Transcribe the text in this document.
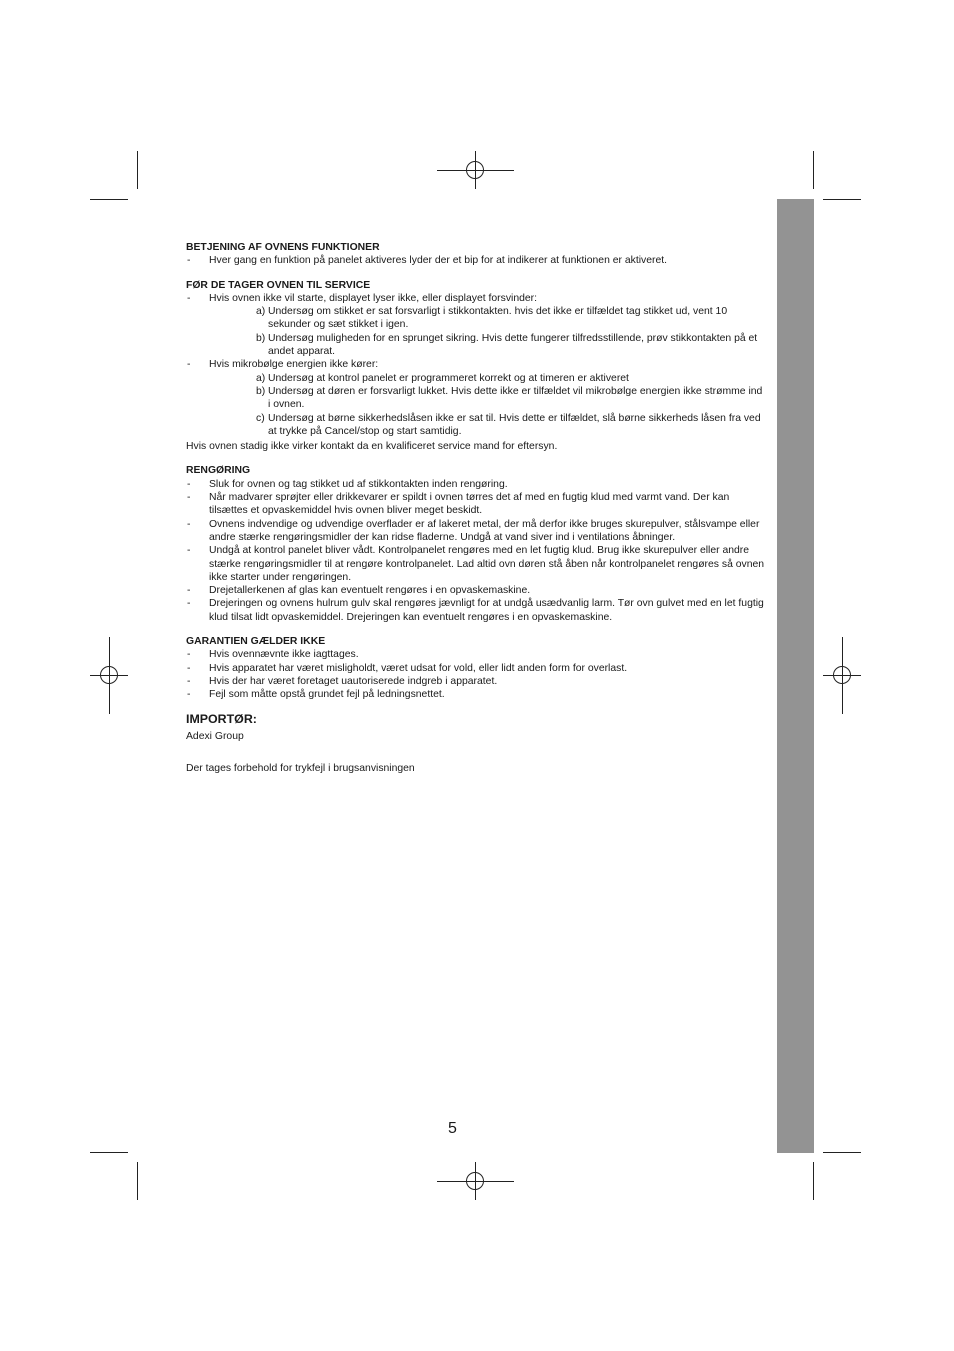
BETJENING AF OVNENS FUNKTIONER

- Hver gang en funktion på panelet aktiveres lyder der et bip for at indikerer at funktionen er aktiveret.

FØR DE TAGER OVNEN TIL SERVICE

- Hvis ovnen ikke vil starte, displayet lyser ikke, eller displayet forsvinder:
a) Undersøg om stikket er sat forsvarligt i stikkontakten. hvis det ikke er tilfældet tag stikket ud, vent 10 sekunder og sæt stikket i igen.
b) Undersøg muligheden for en sprunget sikring. Hvis dette fungerer tilfredsstillende, prøv stikkontakten på et andet apparat.
- Hvis mikrobølge energien ikke kører:
a) Undersøg at kontrol panelet er programmeret korrekt og at timeren er aktiveret
b) Undersøg at døren er forsvarligt lukket. Hvis dette ikke er tilfældet vil mikrobølge energien ikke strømme ind i ovnen.
c) Undersøg at børne sikkerhedslåsen ikke er sat til. Hvis dette er tilfældet, slå børne sikkerheds låsen fra ved at trykke på Cancel/stop og start samtidig.

Hvis ovnen stadig ikke virker kontakt da en kvalificeret service mand for eftersyn.

RENGØRING

- Sluk for ovnen og tag stikket ud af stikkontakten inden rengøring.
- Når madvarer sprøjter eller drikkevarer er spildt i ovnen tørres det af med en fugtig klud med varmt vand. Der kan tilsættes et opvaskemiddel hvis ovnen bliver meget beskidt.
- Ovnens indvendige og udvendige overflader er af lakeret metal, der må derfor ikke bruges skurepulver, stålsvampe eller andre stærke rengøringsmidler der kan ridse fladerne. Undgå at vand siver ind i ventilations åbninger.
- Undgå at kontrol panelet bliver vådt. Kontrolpanelet rengøres med en let fugtig klud. Brug ikke skurepulver eller andre stærke rengøringsmidler til at rengøre kontrolpanelet. Lad altid ovn døren stå åben når kontrolpanelet rengøres så ovnen ikke starter under rengøringen.
- Drejetallerkenen af glas kan eventuelt rengøres i en opvaskemaskine.
- Drejeringen og ovnens hulrum gulv skal rengøres jævnligt for at undgå usædvanlig larm. Tør ovn gulvet med en let fugtig klud tilsat lidt opvaskemiddel. Drejeringen kan eventuelt rengøres i en opvaskemaskine.

GARANTIEN GÆLDER IKKE

- Hvis ovennævnte ikke iagttages.
- Hvis apparatet har været misligholdt, været udsat for vold, eller lidt anden form for overlast.
- Hvis der har været foretaget uautoriserede indgreb i apparatet.
- Fejl som måtte opstå grundet fejl på ledningsnettet.

IMPORTØR:

Adexi Group

Der tages forbehold for trykfejl i brugsanvisningen

5
